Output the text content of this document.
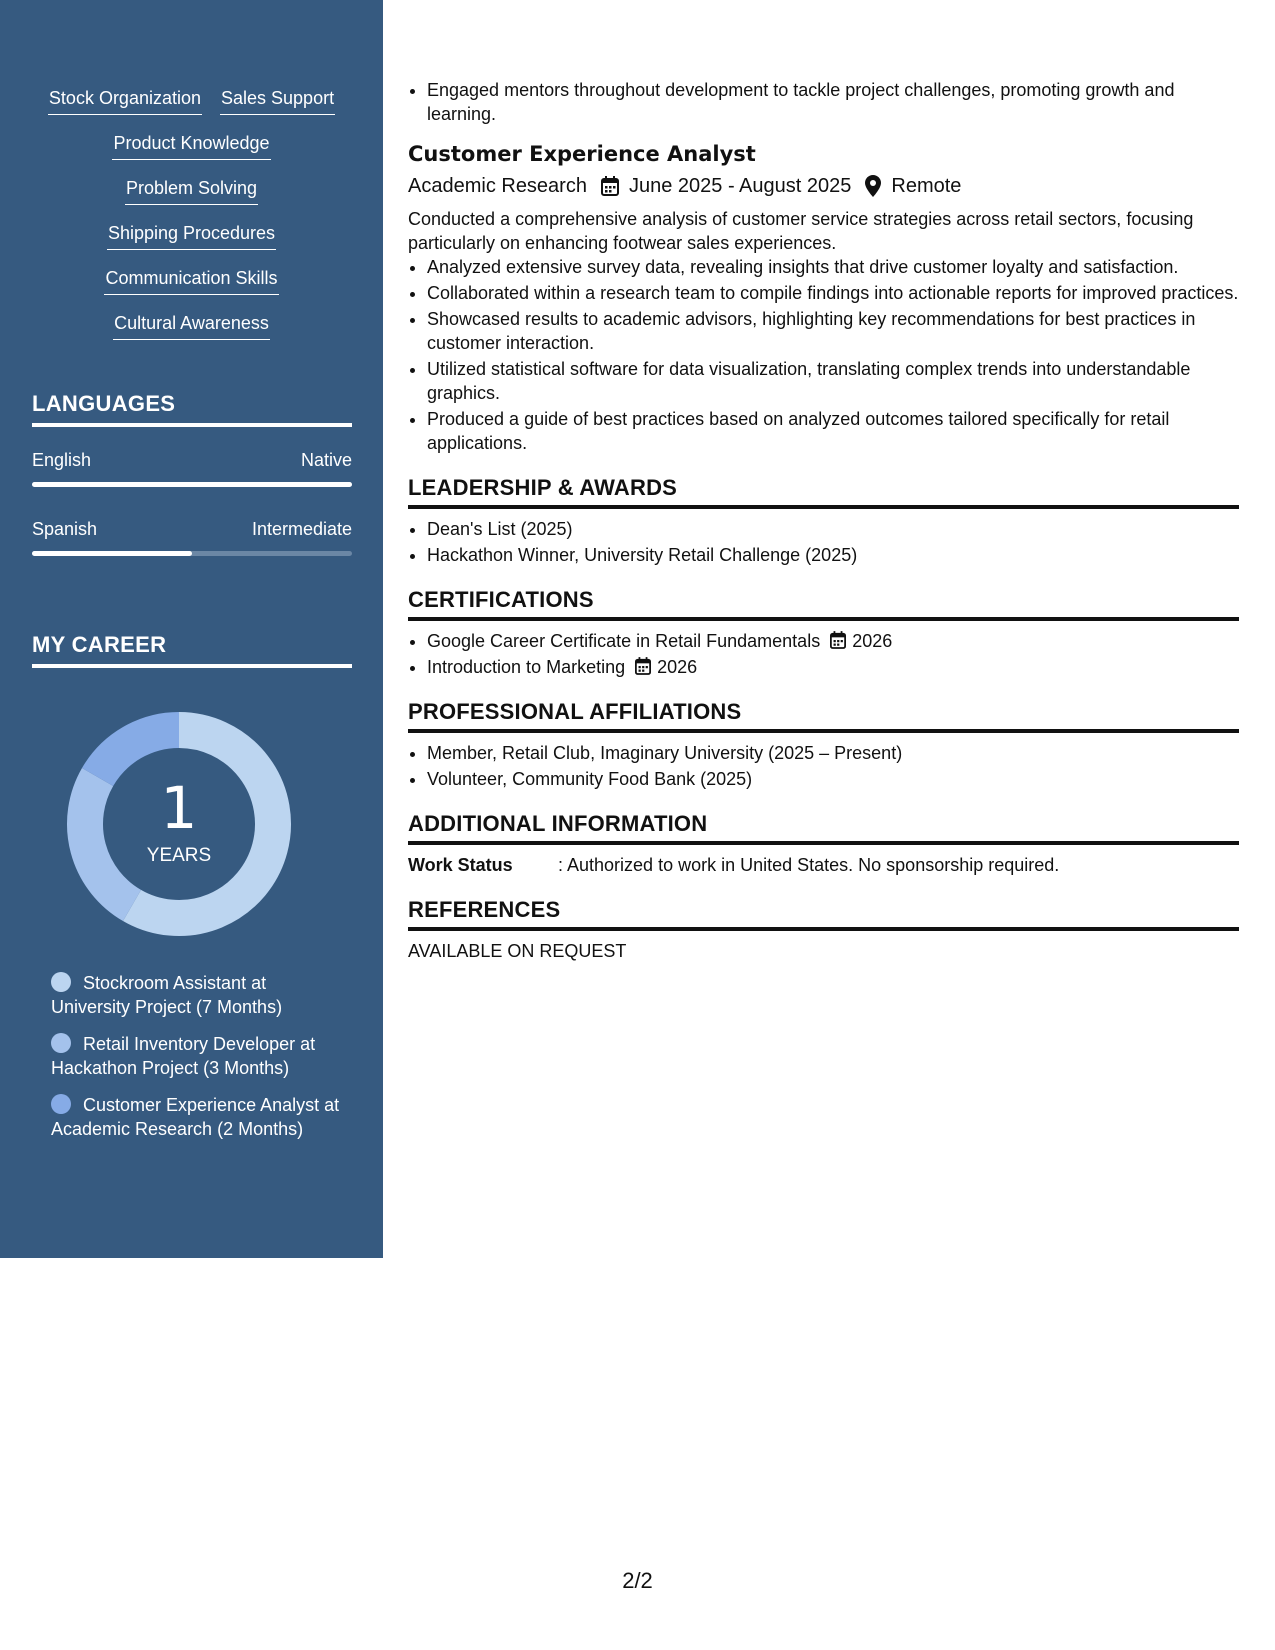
Stock Organization Sales Support
Product Knowledge
Problem Solving
Shipping Procedures
Communication Skills
Cultural Awareness
LANGUAGES
English	Native
Spanish	Intermediate
MY CAREER
1
YEARS
Stockroom Assistant at University Project (7 Months)
Retail Inventory Developer at Hackathon Project (3 Months)
Customer Experience Analyst at Academic Research (2 Months)
• Engaged mentors throughout development to tackle project challenges, promoting growth and learning.
Customer Experience Analyst
Academic Research June 2025 - August 2025 Remote
Conducted a comprehensive analysis of customer service strategies across retail sectors, focusing particularly on enhancing footwear sales experiences.
• Analyzed extensive survey data, revealing insights that drive customer loyalty and satisfaction.
• Collaborated within a research team to compile findings into actionable reports for improved practices.
• Showcased results to academic advisors, highlighting key recommendations for best practices in customer interaction.
• Utilized statistical software for data visualization, translating complex trends into understandable graphics.
• Produced a guide of best practices based on analyzed outcomes tailored specifically for retail applications.
LEADERSHIP & AWARDS
• Dean's List (2025)
• Hackathon Winner, University Retail Challenge (2025)
CERTIFICATIONS
• Google Career Certificate in Retail Fundamentals 2026
• Introduction to Marketing 2026
PROFESSIONAL AFFILIATIONS
• Member, Retail Club, Imaginary University (2025 – Present)
• Volunteer, Community Food Bank (2025)
ADDITIONAL INFORMATION
Work Status	: Authorized to work in United States. No sponsorship required.
REFERENCES
AVAILABLE ON REQUEST
2/2
